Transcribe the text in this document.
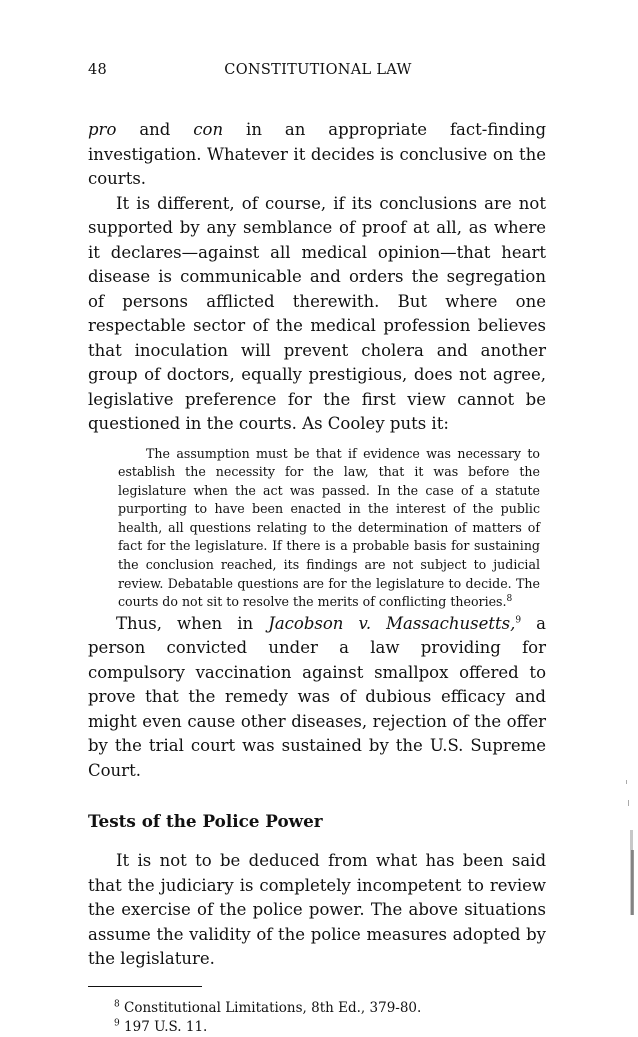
48	CONSTITUTIONAL LAW

pro and con in an appropriate fact-finding investigation. Whatever it decides is conclusive on the courts.

It is different, of course, if its conclusions are not supported by any semblance of proof at all, as where it declares—against all medical opinion—that heart disease is communicable and orders the segregation of persons afflicted therewith. But where one respectable sector of the medical profession believes that inoculation will prevent cholera and another group of doctors, equally prestigious, does not agree, legislative preference for the first view cannot be questioned in the courts. As Cooley puts it:

The assumption must be that if evidence was necessary to establish the necessity for the law, that it was before the legislature when the act was passed. In the case of a statute purporting to have been enacted in the interest of the public health, all questions relating to the determination of matters of fact for the legislature. If there is a probable basis for sustaining the conclusion reached, its findings are not subject to judicial review. Debatable questions are for the legislature to decide. The courts do not sit to resolve the merits of conflicting theories.$^8$

Thus, when in Jacobson v. Massachusetts,$^9$ a person convicted under a law providing for compulsory vaccination against smallpox offered to prove that the remedy was of dubious efficacy and might even cause other diseases, rejection of the offer by the trial court was sustained by the U.S. Supreme Court.

Tests of the Police Power

It is not to be deduced from what has been said that the judiciary is completely incompetent to review the exercise of the police power. The above situations assume the validity of the police measures adopted by the legislature.

$^8$ Constitutional Limitations, 8th Ed., 379-80.
$^9$ 197 U.S. 11.
